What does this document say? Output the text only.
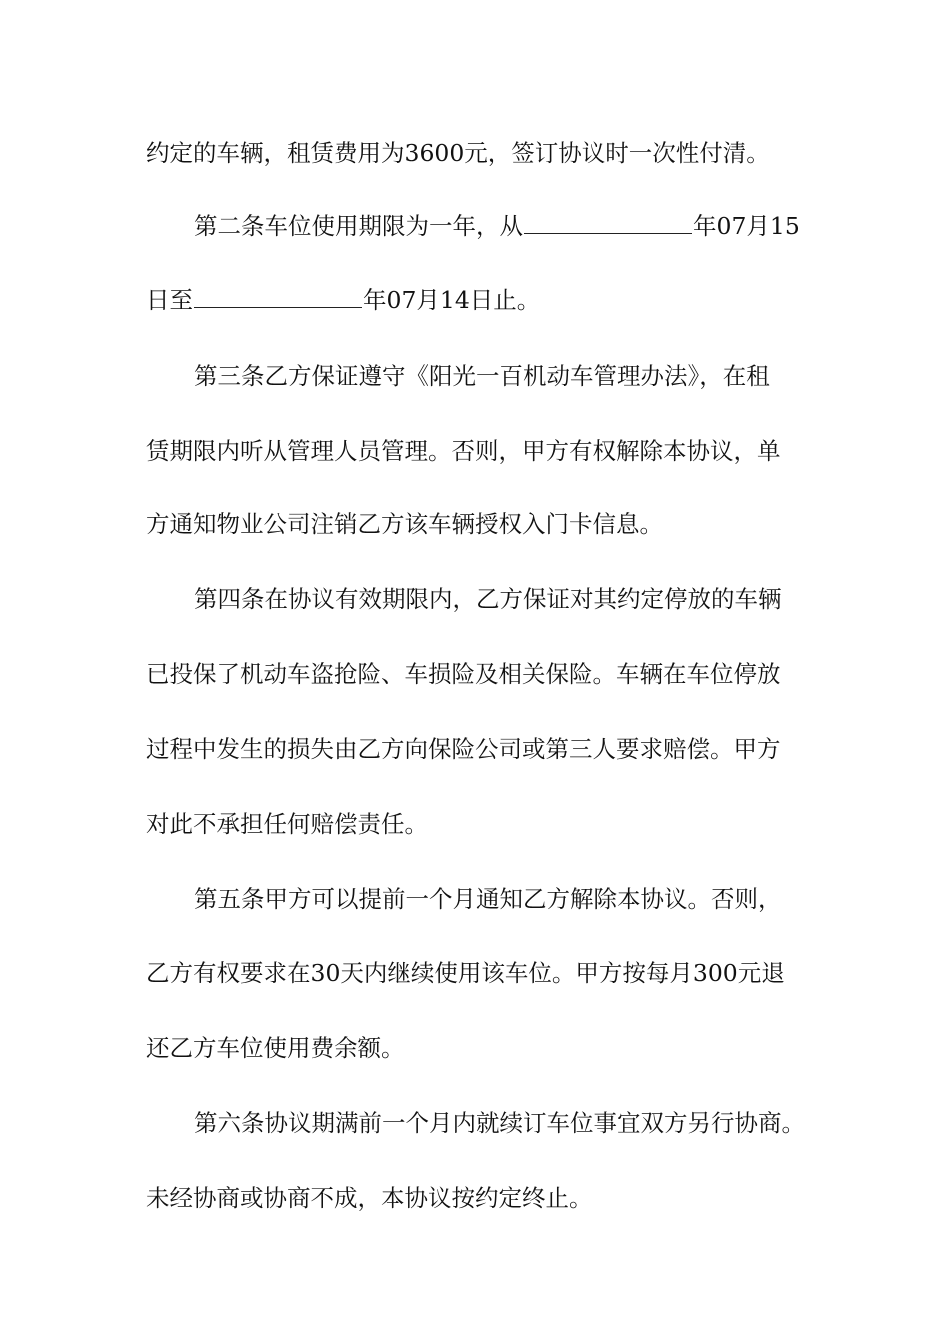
约定的车辆，租赁费用为3600元，签订协议时一次性付清。
第二条车位使用期限为一年，从	年07月15
日至	年07月14日止。
第三条乙方保证遵守《阳光一百机动车管理办法》，在租
赁期限内听从管理人员管理。否则，甲方有权解除本协议，单
方通知物业公司注销乙方该车辆授权入门卡信息。
第四条在协议有效期限内，乙方保证对其约定停放的车辆
已投保了机动车盗抢险、车损险及相关保险。车辆在车位停放
过程中发生的损失由乙方向保险公司或第三人要求赔偿。甲方
对此不承担任何赔偿责任。
第五条甲方可以提前一个月通知乙方解除本协议。否则，
乙方有权要求在30天内继续使用该车位。甲方按每月300元退
还乙方车位使用费余额。
第六条协议期满前一个月内就续订车位事宜双方另行协商。
未经协商或协商不成，本协议按约定终止。
